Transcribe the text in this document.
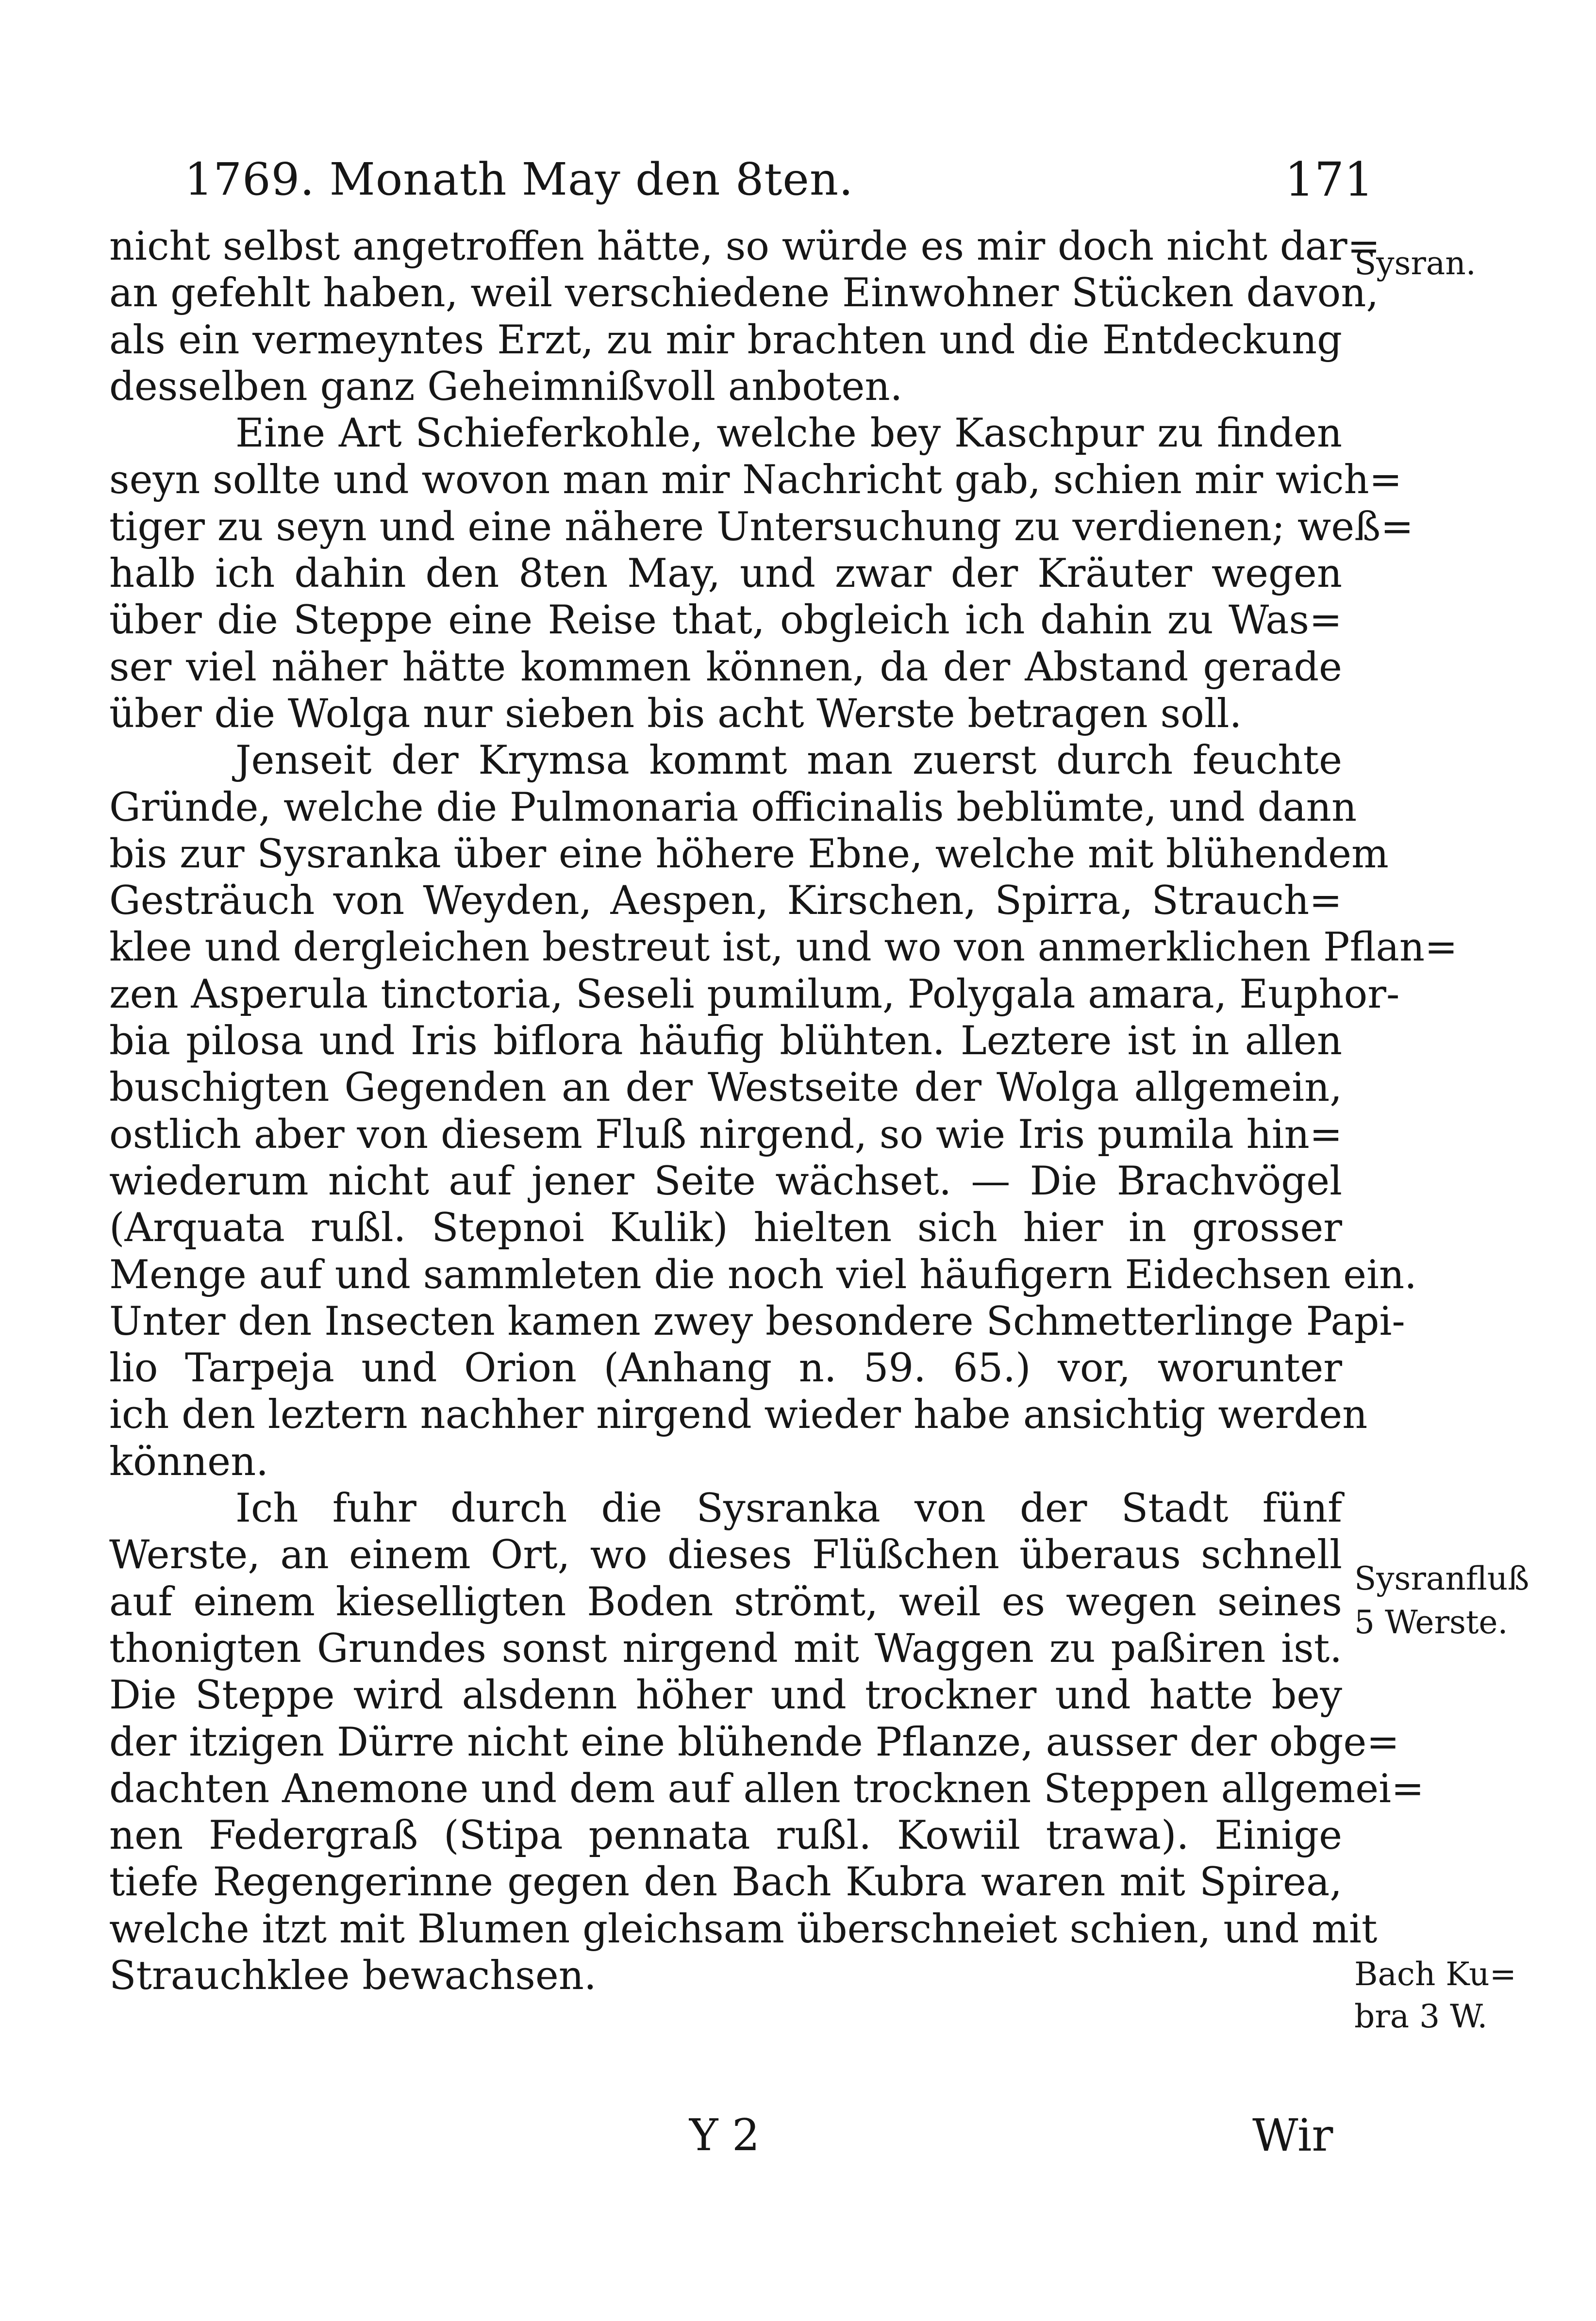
1769. Monath May den 8ten.	171
nicht selbst angetroffen hätte, so würde es mir doch nicht dar=
an gefehlt haben, weil verschiedene Einwohner Stücken davon,
als ein vermeyntes Erzt, zu mir brachten und die Entdeckung
desselben ganz Geheimnißvoll anboten.
Eine Art Schieferkohle, welche bey Kaschpur zu finden
seyn sollte und wovon man mir Nachricht gab, schien mir wich=
tiger zu seyn und eine nähere Untersuchung zu verdienen; weß=
halb ich dahin den 8ten May, und zwar der Kräuter wegen
über die Steppe eine Reise that, obgleich ich dahin zu Was=
ser viel näher hätte kommen können, da der Abstand gerade
über die Wolga nur sieben bis acht Werste betragen soll.
Jenseit der Krymsa kommt man zuerst durch feuchte
Gründe, welche die Pulmonaria officinalis beblümte, und dann
bis zur Sysranka über eine höhere Ebne, welche mit blühendem
Gesträuch von Weyden, Aespen, Kirschen, Spirra, Strauch=
klee und dergleichen bestreut ist, und wo von anmerklichen Pflan=
zen Asperula tinctoria, Seseli pumilum, Polygala amara, Euphor-
bia pilosa und Iris biflora häufig blühten. Leztere ist in allen
buschigten Gegenden an der Westseite der Wolga allgemein,
ostlich aber von diesem Fluß nirgend, so wie Iris pumila hin=
wiederum nicht auf jener Seite wächset. — Die Brachvögel
(Arquata rußl. Stepnoi Kulik) hielten sich hier in grosser
Menge auf und sammleten die noch viel häufigern Eidechsen ein.
Unter den Insecten kamen zwey besondere Schmetterlinge Papi-
lio Tarpeja und Orion (Anhang n. 59. 65.) vor, worunter
ich den leztern nachher nirgend wieder habe ansichtig werden
können.
Ich fuhr durch die Sysranka von der Stadt fünf
Werste, an einem Ort, wo dieses Flüßchen überaus schnell
auf einem kieselligten Boden strömt, weil es wegen seines
thonigten Grundes sonst nirgend mit Waggen zu paßiren ist.
Die Steppe wird alsdenn höher und trockner und hatte bey
der itzigen Dürre nicht eine blühende Pflanze, ausser der obge=
dachten Anemone und dem auf allen trocknen Steppen allgemei=
nen Federgraß (Stipa pennata rußl. Kowiil trawa). Einige
tiefe Regengerinne gegen den Bach Kubra waren mit Spirea,
welche itzt mit Blumen gleichsam überschneiet schien, und mit
Strauchklee bewachsen.
Sysran.
Sysranfluß
5 Werste.
Bach Ku=
bra 3 W.
Y 2	Wir
